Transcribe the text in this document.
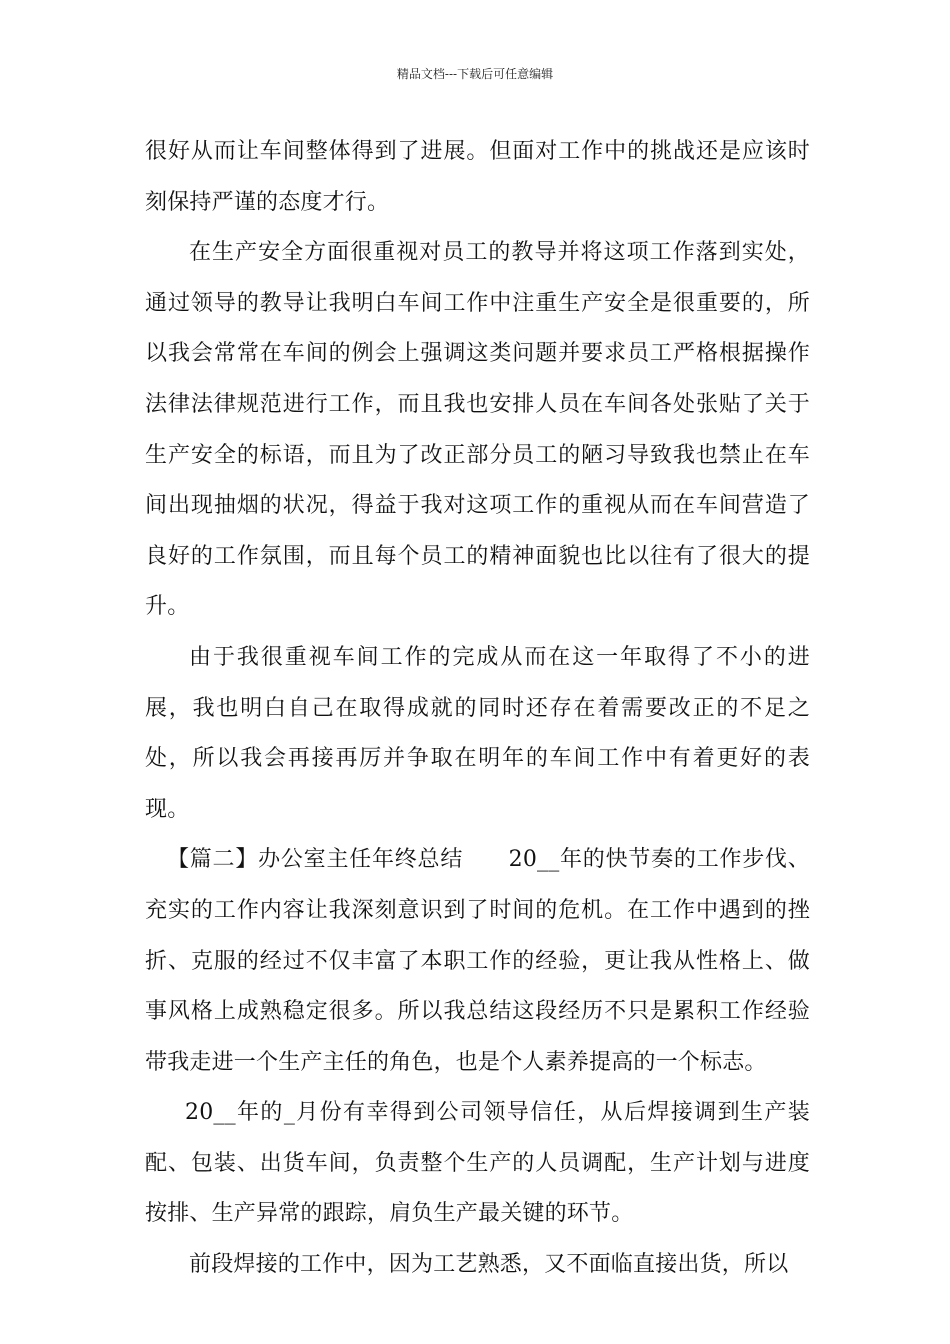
精品文档---下载后可任意编辑

很好从而让车间整体得到了进展。但面对工作中的挑战还是应该时刻保持严谨的态度才行。

在生产安全方面很重视对员工的教导并将这项工作落到实处，通过领导的教导让我明白车间工作中注重生产安全是很重要的，所以我会常常在车间的例会上强调这类问题并要求员工严格根据操作法律法律规范进行工作，而且我也安排人员在车间各处张贴了关于生产安全的标语，而且为了改正部分员工的陋习导致我也禁止在车间出现抽烟的状况，得益于我对这项工作的重视从而在车间营造了良好的工作氛围，而且每个员工的精神面貌也比以往有了很大的提升。

由于我很重视车间工作的完成从而在这一年取得了不小的进展，我也明白自己在取得成就的同时还存在着需要改正的不足之处，所以我会再接再厉并争取在明年的车间工作中有着更好的表现。

【篇二】办公室主任年终总结　　20__年的快节奏的工作步伐、充实的工作内容让我深刻意识到了时间的危机。在工作中遇到的挫折、克服的经过不仅丰富了本职工作的经验，更让我从性格上、做事风格上成熟稳定很多。所以我总结这段经历不只是累积工作经验带我走进一个生产主任的角色，也是个人素养提高的一个标志。

20__年的_月份有幸得到公司领导信任，从后焊接调到生产装配、包装、出货车间，负责整个生产的人员调配，生产计划与进度按排、生产异常的跟踪，肩负生产最关键的环节。

前段焊接的工作中，因为工艺熟悉，又不面临直接出货，所以
